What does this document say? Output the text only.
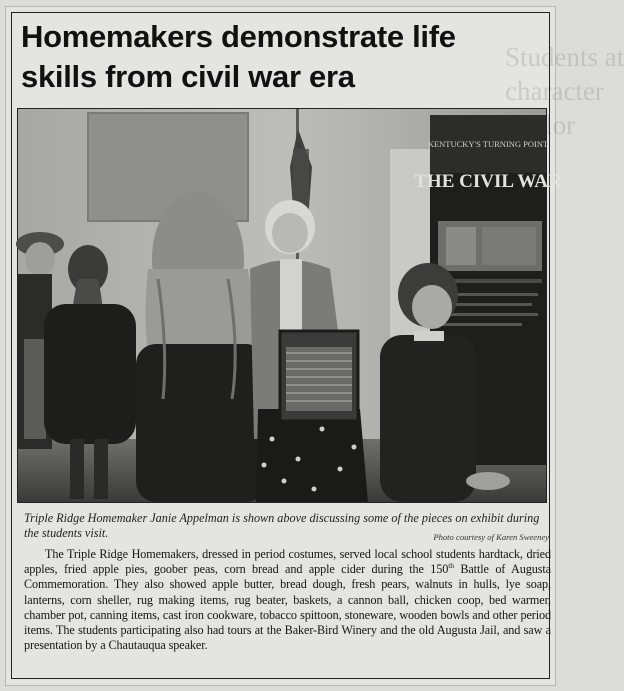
Students at
Homemakers demonstrate life
skills from civil war era
KENTUCKY'S TURNING POINT
THE CIVIL WAR

Triple Ridge Homemaker Janie Appelman is shown above discussing some of the pieces on exhibit during the students visit.	Photo courtesy of Karen Sweeney

The Triple Ridge Homemakers, dressed in period costumes, served local school students hardtack, dried apples, fried apple pies, goober peas, corn bread and apple cider during the 150th Battle of Augusta Commemoration. They also showed apple butter, bread dough, fresh pears, walnuts in hulls, lye soap, lanterns, corn sheller, rug making items, rug beater, baskets, a cannon ball, chicken coop, bed warmer, chamber pot, canning items, cast iron cookware, tobacco spittoon, stoneware, wooden bowls and other period items. The students participating also had tours at the Baker-Bird Winery and the old Augusta Jail, and saw a presentation by a Chautauqua speaker.
